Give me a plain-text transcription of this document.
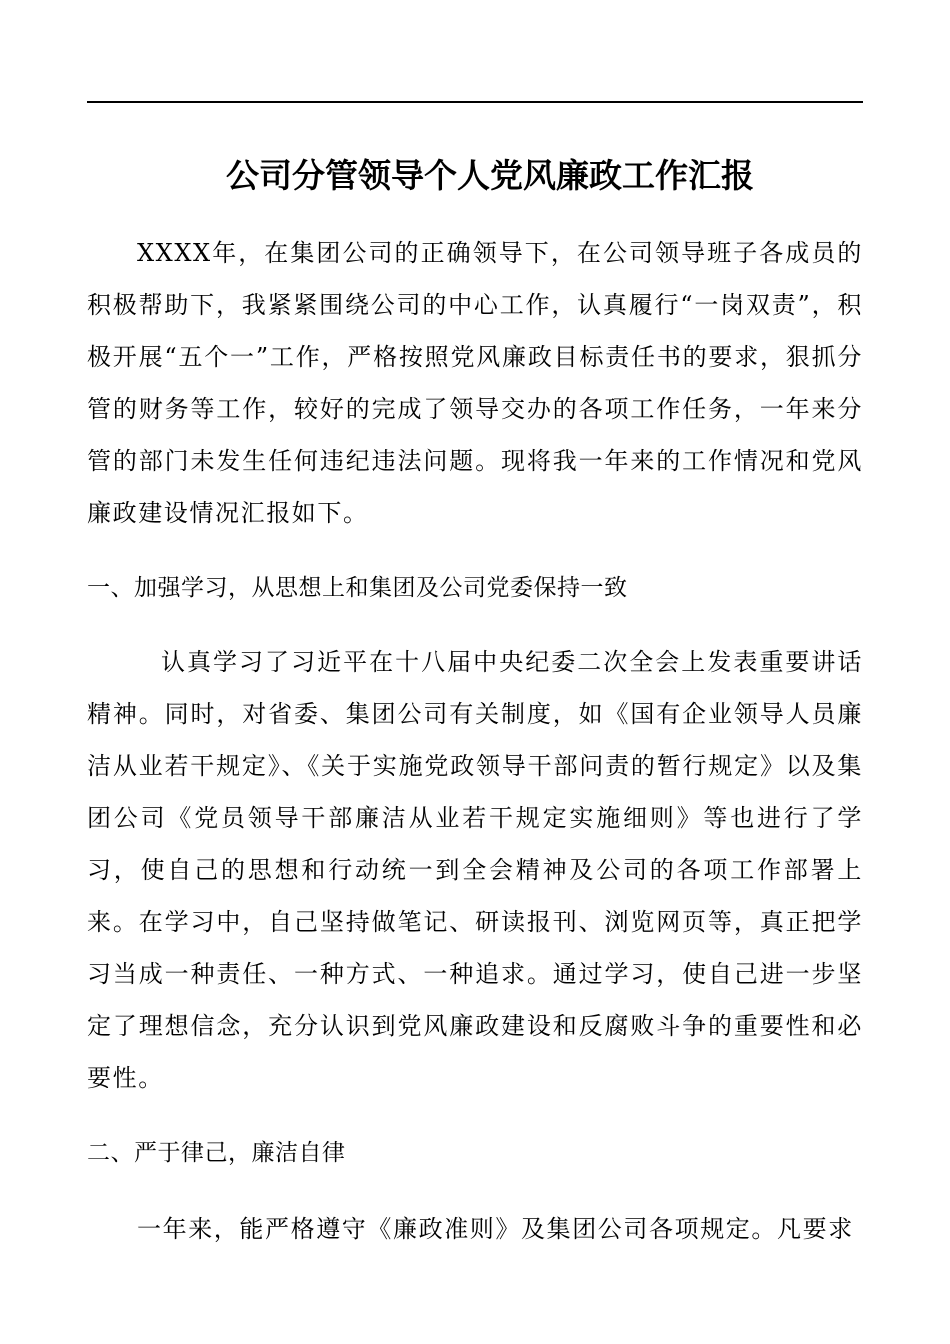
公司分管领导个人党风廉政工作汇报

XXXX年，在集团公司的正确领导下，在公司领导班子各成员的积极帮助下，我紧紧围绕公司的中心工作，认真履行“一岗双责”，积极开展“五个一”工作，严格按照党风廉政目标责任书的要求，狠抓分管的财务等工作，较好的完成了领导交办的各项工作任务，一年来分管的部门未发生任何违纪违法问题。现将我一年来的工作情况和党风廉政建设情况汇报如下。

一、加强学习，从思想上和集团及公司党委保持一致

认真学习了习近平在十八届中央纪委二次全会上发表重要讲话精神。同时，对省委、集团公司有关制度，如《国有企业领导人员廉洁从业若干规定》、《关于实施党政领导干部问责的暂行规定》以及集团公司《党员领导干部廉洁从业若干规定实施细则》等也进行了学习，使自己的思想和行动统一到全会精神及公司的各项工作部署上来。在学习中，自己坚持做笔记、研读报刊、浏览网页等，真正把学习当成一种责任、一种方式、一种追求。通过学习，使自己进一步坚定了理想信念，充分认识到党风廉政建设和反腐败斗争的重要性和必要性。

二、严于律己，廉洁自律

一年来，能严格遵守《廉政准则》及集团公司各项规定。凡要求
